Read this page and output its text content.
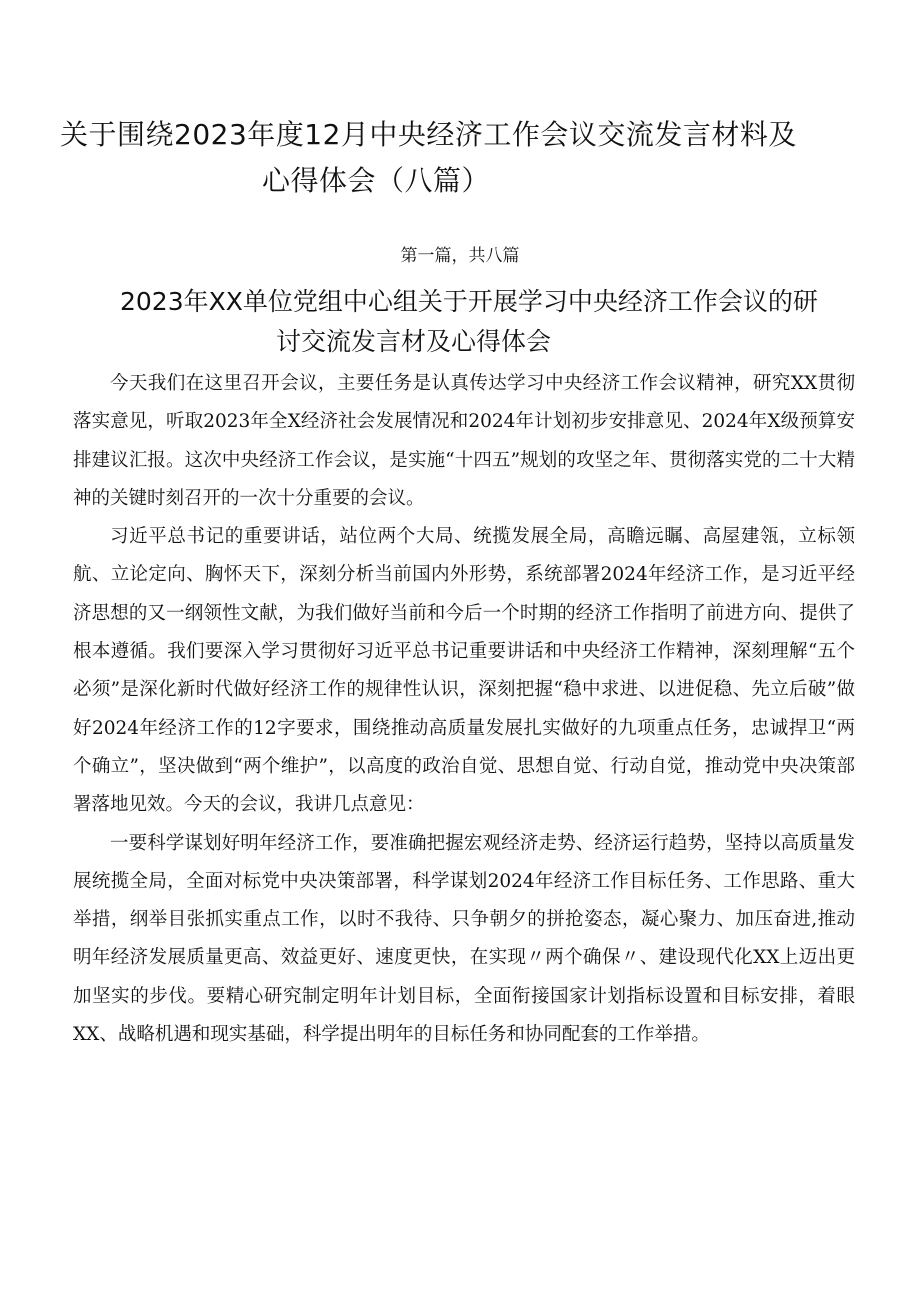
关于围绕2023年度12月中央经济工作会议交流发言材料及
心得体会（八篇）
第一篇，共八篇
2023年XX单位党组中心组关于开展学习中央经济工作会议的研
讨交流发言材及心得体会

今天我们在这里召开会议，主要任务是认真传达学习中央经济工作会议精神，研究XX贯彻落实意见，听取2023年全X经济社会发展情况和2024年计划初步安排意见、2024年X级预算安排建议汇报。这次中央经济工作会议，是实施“十四五”规划的攻坚之年、贯彻落实党的二十大精神的关键时刻召开的一次十分重要的会议。

习近平总书记的重要讲话，站位两个大局、统揽发展全局，高瞻远瞩、高屋建瓴，立标领航、立论定向、胸怀天下，深刻分析当前国内外形势，系统部署2024年经济工作，是习近平经济思想的又一纲领性文献，为我们做好当前和今后一个时期的经济工作指明了前进方向、提供了根本遵循。我们要深入学习贯彻好习近平总书记重要讲话和中央经济工作精神，深刻理解“五个必须”是深化新时代做好经济工作的规律性认识，深刻把握“稳中求进、以进促稳、先立后破”做好2024年经济工作的12字要求，围绕推动高质量发展扎实做好的九项重点任务，忠诚捍卫“两个确立”，坚决做到“两个维护”，以高度的政治自觉、思想自觉、行动自觉，推动党中央决策部署落地见效。今天的会议，我讲几点意见：

一要科学谋划好明年经济工作，要准确把握宏观经济走势、经济运行趋势，坚持以高质量发展统揽全局，全面对标党中央决策部署，科学谋划2024年经济工作目标任务、工作思路、重大举措，纲举目张抓实重点工作，以时不我待、只争朝夕的拼抢姿态，凝心聚力、加压奋进,推动明年经济发展质量更高、效益更好、速度更快，在实现〃两个确保〃、建设现代化XX上迈出更加坚实的步伐。要精心研究制定明年计划目标，全面衔接国家计划指标设置和目标安排，着眼XX、战略机遇和现实基础，科学提出明年的目标任务和协同配套的工作举措。
